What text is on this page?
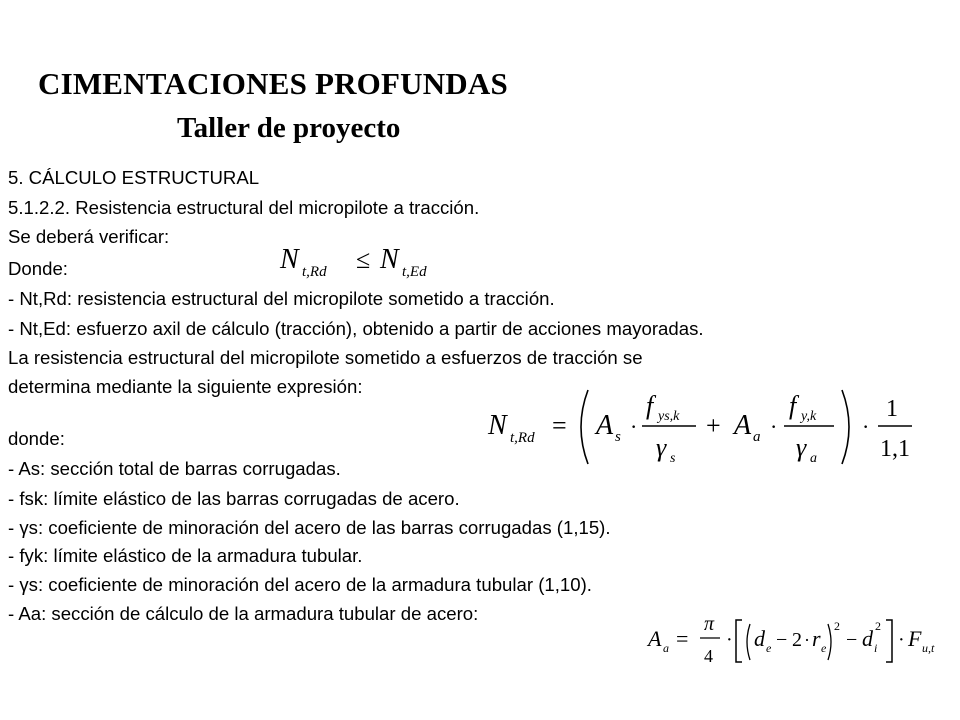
CIMENTACIONES PROFUNDAS
Taller de proyecto
5. CÁLCULO ESTRUCTURAL
5.1.2.2. Resistencia estructural del micropilote a tracción.
Se deberá verificar:
Donde:
- Nt,Rd: resistencia estructural del micropilote sometido a tracción.
- Nt,Ed: esfuerzo axil de cálculo (tracción), obtenido a partir de acciones mayoradas.
La resistencia estructural del micropilote sometido a esfuerzos de tracción se
determina mediante la siguiente expresión:
donde:
- As: sección total de barras corrugadas.
- fsk: límite elástico de las barras corrugadas de acero.
- γs: coeficiente de minoración del acero de las barras corrugadas (1,15).
- fyk: límite elástico de la armadura tubular.
- γs: coeficiente de minoración del acero de la armadura tubular (1,10).
- Aa: sección de cálculo de la armadura tubular de acero:
N t,Rd ≤ N t,Ed
N t,Rd = A s ·
f ys,k
γ s
+ A a ·
f y,k
γ a
·
1
1,1
A a =
π
4
· d e − 2 · r e
2
− d i
2
· F u,t
